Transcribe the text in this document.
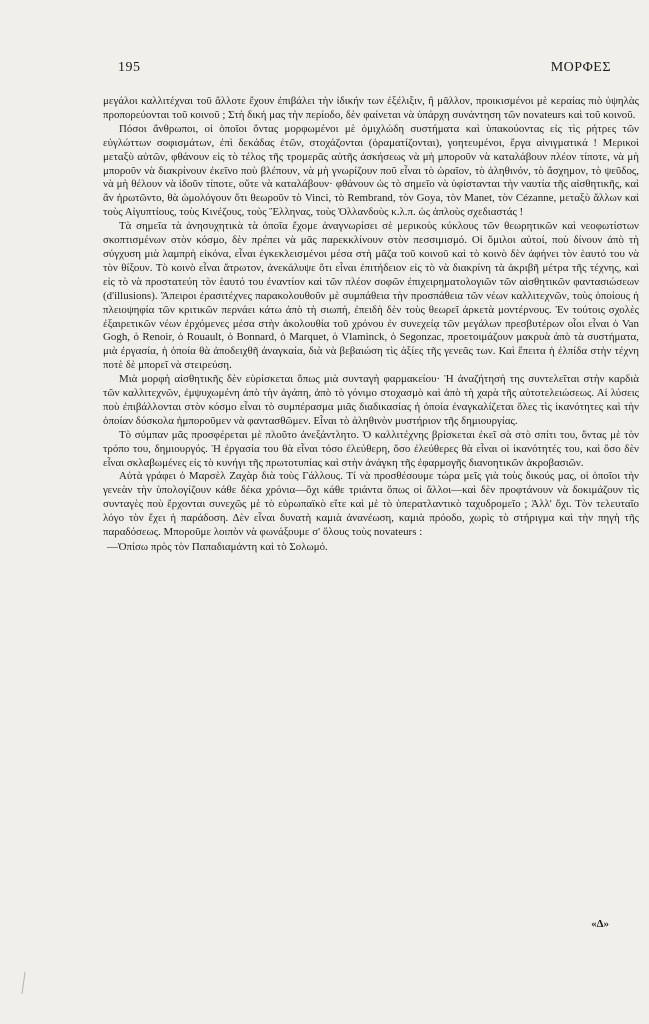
195	ΜΟΡΦΕΣ

μεγάλοι καλλιτέχναι τοῦ ἄλλοτε ἔχουν ἐπιβάλει τὴν ἰδικήν των ἐξέλιξιν, ἢ μᾶλλον, προικισμένοι μὲ κεραίας πιὸ ὑψηλὰς προπορεύονται τοῦ κοινοῦ ; Στὴ δική μας τὴν περίοδο, δὲν φαίνεται νὰ ὑπάρχη συνάντηση τῶν novateurs καὶ τοῦ κοινοῦ.

Πόσοι ἄνθρωποι, οἱ ὁποῖοι ὄντας μορφωμένοι μὲ ὁμιχλώδη συστήματα καὶ ὑπακούοντας εἰς τὶς ρήτρες τῶν εὐγλώττων σοφισμάτων, ἐπὶ δεκάδας ἐτῶν, στοχάζονται (ὁραματίζονται), γοητευμένοι, ἔργα αἰνιγματικά ! Μερικοὶ μεταξὺ αὐτῶν, φθάνουν εἰς τὸ τέλος τῆς τρομερᾶς αὐτῆς ἀσκήσεως νὰ μὴ μποροῦν νὰ καταλάβουν πλέον τίποτε, νὰ μὴ μποροῦν νὰ διακρίνουν ἐκεῖνο ποὺ βλέπουν, νὰ μὴ γνωρίζουν ποῦ εἶναι τὸ ὡραῖον, τὸ ἀληθινόν, τὸ ἄσχημον, τὸ ψεῦδος, νὰ μὴ θέλουν νὰ ἰδοῦν τίποτε, οὔτε νὰ καταλάβουν· φθάνουν ὡς τὸ σημεῖο νὰ ὑφίστανται τὴν ναυτία τῆς αἰσθητικῆς, καὶ ἂν ἠρωτῶντο, θὰ ὡμολόγουν ὅτι θεωροῦν τὸ Vinci, τὸ Rembrand, τὸν Goya, τὸν Manet, τὸν Cézanne, μεταξὺ ἄλλων καὶ τοὺς Αἰγυπτίους, τοὺς Κινέζους, τοὺς Ἕλληνας, τοὺς Ὁλλανδοὺς κ.λ.π. ὡς ἁπλοὺς σχεδιαστάς !

Τὰ σημεῖα τὰ ἀνησυχητικὰ τὰ ὁποῖα ἔχομε ἀναγνωρίσει σὲ μερικοὺς κύκλους τῶν θεωρητικῶν καὶ νεοφωτίστων σκοπτισμένων στὸν κόσμο, δὲν πρέπει νὰ μᾶς παρεκκλίνουν στὸν πεσσιμισμό. Οἱ ὅμιλοι αὐτοί, ποὺ δίνουν ἀπὸ τὴ σύγχυση μιὰ λαμπρὴ εἰκόνα, εἶναι ἐγκεκλεισμένοι μέσα στὴ μᾶζα τοῦ κοινοῦ καὶ τὸ κοινὸ δὲν ἀφήνει τὸν ἑαυτό του νὰ τὸν θίξουν. Τὸ κοινὸ εἶναι ἄτρωτον, ἀνεκάλυψε ὅτι εἶναι ἐπιτήδειον εἰς τὸ νὰ διακρίνη τὰ ἀκριβῆ μέτρα τῆς τέχνης, καὶ εἰς τὸ νὰ προστατεύη τὸν ἑαυτό του ἐναντίον καὶ τῶν πλέον σοφῶν ἐπιχειρηματολογιῶν τῶν αἰσθητικῶν φαντασιώσεων (d'illusions). Ἄπειροι ἐρασιτέχνες παρακολουθοῦν μὲ συμπάθεια τὴν προσπάθεια τῶν νέων καλλιτεχνῶν, τοὺς ὁποίους ἡ πλειοψηφία τῶν κριτικῶν περνάει κάτω ἀπὸ τὴ σιωπή, ἐπειδὴ δὲν τοὺς θεωρεῖ ἀρκετὰ μοντέρνους. Ἐν τούτοις σχολὲς ἐξαιρετικῶν νέων ἐρχόμενες μέσα στὴν ἀκολουθία τοῦ χρόνου ἐν συνεχείᾳ τῶν μεγάλων πρεσβυτέρων οἷοι εἶναι ὁ Van Gogh, ὁ Renoir, ὁ Rouault, ὁ Bonnard, ὁ Marquet, ὁ Vlaminck, ὁ Segonzac, προετοιμάζουν μακρυὰ ἀπὸ τὰ συστήματα, μιὰ ἐργασία, ἡ ὁποία θὰ ἀποδειχθῆ ἀναγκαία, διὰ νὰ βεβαιώση τὶς ἀξίες τῆς γενεᾶς των. Καὶ ἔπειτα ἡ ἐλπίδα στὴν τέχνη ποτὲ δὲ μπορεῖ νὰ στειρεύση.

Μιὰ μορφὴ αἰσθητικῆς δὲν εὑρίσκεται ὅπως μιὰ συνταγὴ φαρμακείου· Ἡ ἀναζήτησή της συντελεῖται στὴν καρδιὰ τῶν καλλιτεχνῶν, ἐμψυχωμένη ἀπὸ τὴν ἀγάπη, ἀπὸ τὸ γόνιμο στοχασμὸ καὶ ἀπὸ τὴ χαρὰ τῆς αὐτοτελειώσεως. Αἱ λύσεις ποὺ ἐπιβάλλονται στὸν κόσμο εἶναι τὸ συμπέρασμα μιᾶς διαδικασίας ἡ ὁποία ἐναγκαλίζεται ὅλες τὶς ἱκανότητες καὶ τὴν ὁποίαν δύσκολα ἠμποροῦμεν νὰ φαντασθῶμεν. Εἶναι τὸ ἀληθινὸν μυστήριον τῆς δημιουργίας.

Τὸ σύμπαν μᾶς προσφέρεται μὲ πλοῦτο ἀνεξάντλητο. Ὁ καλλιτέχνης βρίσκεται ἐκεῖ σὰ στὸ σπίτι του, ὄντας μὲ τὸν τρόπο του, δημιουργός. Ἡ ἐργασία του θὰ εἶναι τόσο ἐλεύθερη, ὅσο ἐλεύθερες θὰ εἶναι οἱ ἱκανότητές του, καὶ ὅσο δὲν εἶναι σκλαβωμένες εἰς τὸ κυνήγι τῆς πρωτοτυπίας καὶ στὴν ἀνάγκη τῆς ἐφαρμογῆς διανοητικῶν ἀκροβασιῶν.

Αὐτὰ γράφει ὁ Μαρσὲλ Ζαχὰρ διὰ τοὺς Γάλλους. Τί νὰ προσθέσουμε τώρα μεῖς γιὰ τοὺς δικούς μας, οἱ ὁποῖοι τὴν γενεὰν τὴν ὑπολογίζουν κάθε δέκα χρόνια—ὄχι κάθε τριάντα ὅπως οἱ ἄλλοι—καὶ δὲν προφτάνουν νὰ δοκιμάζουν τὶς συνταγὲς ποὺ ἔρχονται συνεχῶς μὲ τὸ εὐρωπαϊκὸ εἴτε καὶ μὲ τὸ ὑπερατλαντικὸ ταχυδρομεῖο ; Ἀλλ' ὄχι. Τὸν τελευταῖο λόγο τὸν ἔχει ἡ παράδοση. Δὲν εἶναι δυνατὴ καμιὰ ἀνανέωση, καμιὰ πρόοδο, χωρὶς τὸ στήριγμα καὶ τὴν πηγὴ τῆς παραδόσεως. Μποροῦμε λοιπὸν νὰ φωνάξουμε σ' ὅλους τοὺς novateurs :

—Ὀπίσω πρὸς τὸν Παπαδιαμάντη καὶ τὸ Σολωμό.

«Δ»
